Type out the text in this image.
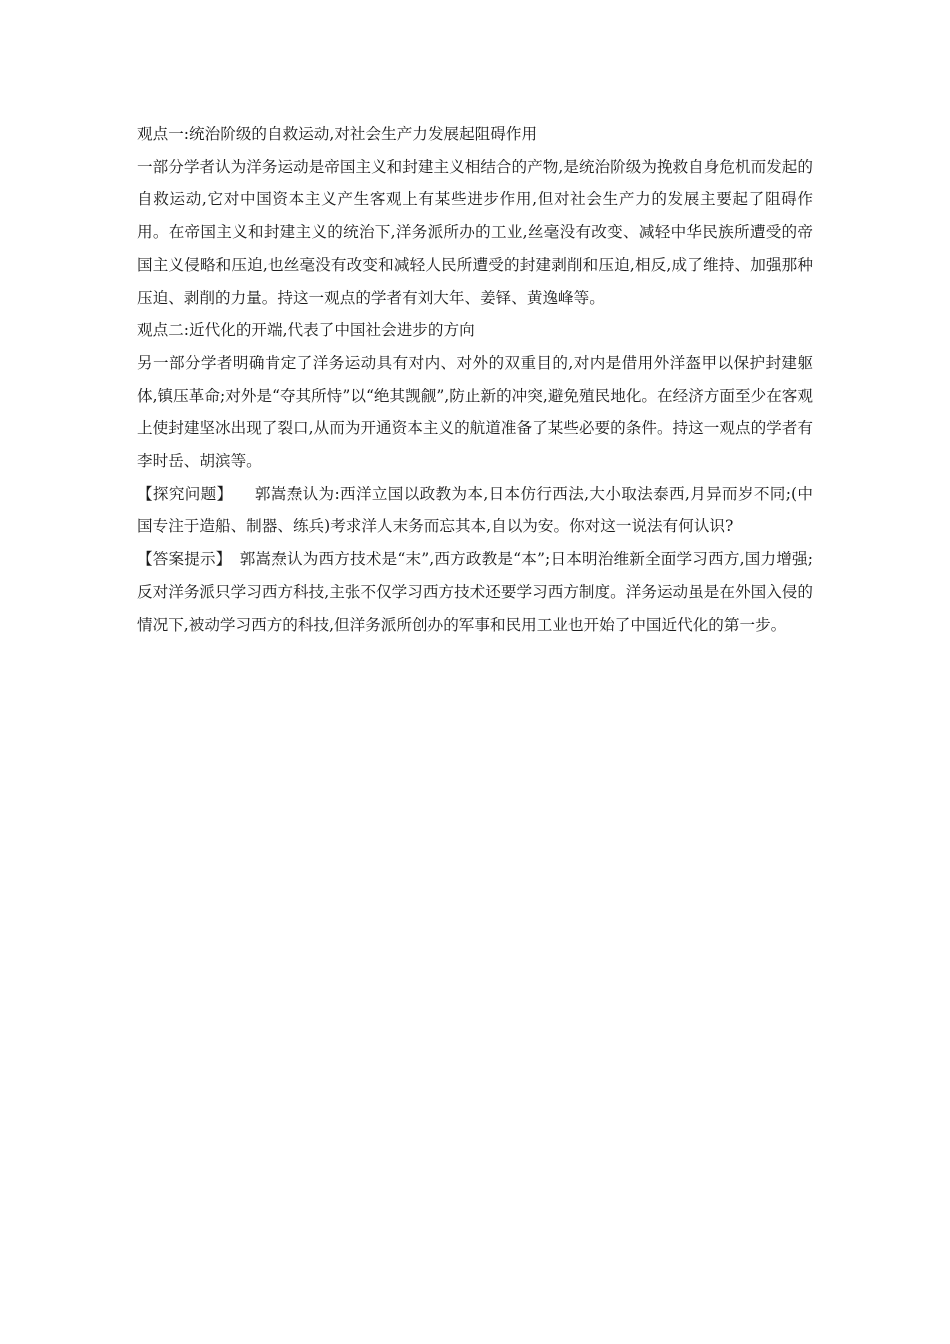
观点一:统治阶级的自救运动,对社会生产力发展起阻碍作用

一部分学者认为洋务运动是帝国主义和封建主义相结合的产物,是统治阶级为挽救自身危机而发起的自救运动,它对中国资本主义产生客观上有某些进步作用,但对社会生产力的发展主要起了阻碍作用。在帝国主义和封建主义的统治下,洋务派所办的工业,丝毫没有改变、减轻中华民族所遭受的帝国主义侵略和压迫,也丝毫没有改变和减轻人民所遭受的封建剥削和压迫,相反,成了维持、加强那种压迫、剥削的力量。持这一观点的学者有刘大年、姜铎、黄逸峰等。

观点二:近代化的开端,代表了中国社会进步的方向

另一部分学者明确肯定了洋务运动具有对内、对外的双重目的,对内是借用外洋盔甲以保护封建躯体,镇压革命;对外是“夺其所恃”以“绝其觊觎”,防止新的冲突,避免殖民地化。在经济方面至少在客观上使封建坚冰出现了裂口,从而为开通资本主义的航道准备了某些必要的条件。持这一观点的学者有李时岳、胡滨等。

【探究问题】 郭嵩焘认为:西洋立国以政教为本,日本仿行西法,大小取法泰西,月异而岁不同;(中国专注于造船、制器、练兵)考求洋人末务而忘其本,自以为安。你对这一说法有何认识?

【答案提示】 郭嵩焘认为西方技术是“末”,西方政教是“本”;日本明治维新全面学习西方,国力增强;反对洋务派只学习西方科技,主张不仅学习西方技术还要学习西方制度。洋务运动虽是在外国入侵的情况下,被动学习西方的科技,但洋务派所创办的军事和民用工业也开始了中国近代化的第一步。
